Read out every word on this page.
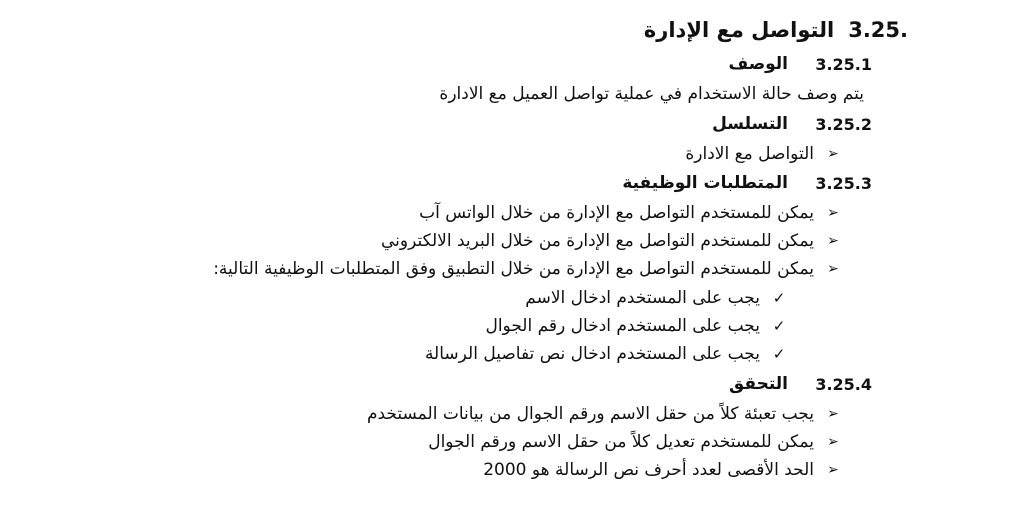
3.25.
التواصل مع الإدارة
3.25.1
الوصف
يتم وصف حالة الاستخدام في عملية تواصل العميل مع الادارة
3.25.2
التسلسل
➢
التواصل مع الادارة
3.25.3
المتطلبات الوظيفية
➢
يمكن للمستخدم التواصل مع الإدارة من خلال الواتس آب
➢
يمكن للمستخدم التواصل مع الإدارة من خلال البريد الالكتروني
➢
يمكن للمستخدم التواصل مع الإدارة من خلال التطبيق وفق المتطلبات الوظيفية التالية:
✓
يجب على المستخدم ادخال الاسم
✓
يجب على المستخدم ادخال رقم الجوال
✓
يجب على المستخدم ادخال نص تفاصيل الرسالة
3.25.4
التحقق
➢
يجب تعبئة كلاً من حقل الاسم ورقم الجوال من بيانات المستخدم
➢
يمكن للمستخدم تعديل كلاً من حقل الاسم ورقم الجوال
➢
الحد الأقصى لعدد أحرف نص الرسالة هو 2000
